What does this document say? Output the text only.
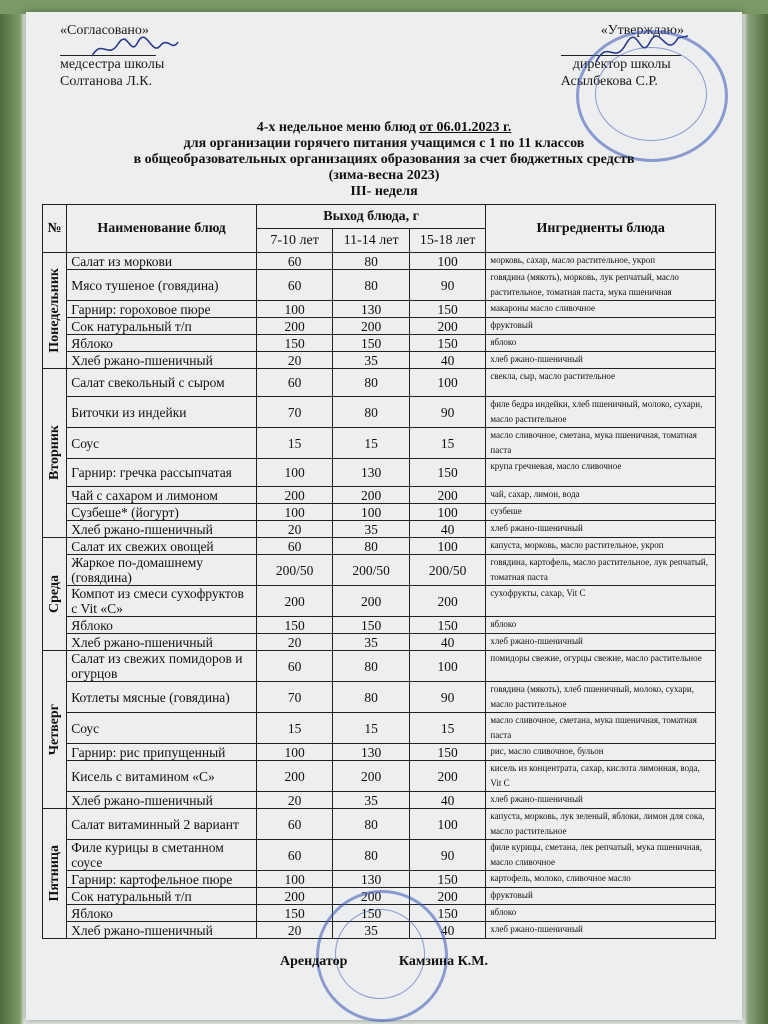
«Согласовано»
медсестра школы
Солтанова Л.К.
«Утверждаю»
директор школы
Асылбекова С.Р.
4-х недельное меню блюд от 06.01.2023 г.
для организации горячего питания учащимся с 1 по 11 классов
в общеобразовательных организациях образования за счет бюджетных средств
(зима-весна 2023)
III- неделя
№	Наименование блюд	Выход блюда, г			Ингредиенты блюда
		7-10 лет	11-14 лет	15-18 лет	

Понедельник	Салат из моркови	60	80	100	морковь, сахар, масло растительное, укроп
	Мясо тушеное (говядина)	60	80	90	говядина (мякоть), морковь, лук репчатый, масло растительное, томатная паста, мука пшеничная
	Гарнир: гороховое пюре	100	130	150	макароны масло сливочное
	Сок натуральный т/п	200	200	200	фруктовый
	Яблоко	150	150	150	яблоко
	Хлеб ржано-пшеничный	20	35	40	хлеб ржано-пшеничный

Вторник	Салат свекольный с сыром	60	80	100	свекла, сыр, масло растительное
	Биточки из индейки	70	80	90	филе бедра индейки, хлеб пшеничный, молоко, сухари, масло растительное
	Соус	15	15	15	масло сливочное, сметана, мука пшеничная, томатная паста
	Гарнир: гречка рассыпчатая	100	130	150	крупа гречневая, масло сливочное
	Чай с сахаром и лимоном	200	200	200	чай, сахар, лимон, вода
	Сузбеше* (йогурт)	100	100	100	сузбеше
	Хлеб ржано-пшеничный	20	35	40	хлеб ржано-пшеничный

Среда	Салат их свежих овощей	60	80	100	капуста, морковь, масло растительное, укроп
	Жаркое по-домашнему (говядина)	200/50	200/50	200/50	говядина, картофель, масло растительное, лук репчатый, томатная паста
	Компот из смеси сухофруктов с Vit «С»	200	200	200	сухофрукты, сахар, Vit C
	Яблоко	150	150	150	яблоко
	Хлеб ржано-пшеничный	20	35	40	хлеб ржано-пшеничный

Четверг	Салат из свежих помидоров и огурцов	60	80	100	помидоры свежие, огурцы свежие, масло растительное
	Котлеты мясные (говядина)	70	80	90	говядина (мякоть), хлеб пшеничный, молоко, сухари, масло растительное
	Соус	15	15	15	масло сливочное, сметана, мука пшеничная, томатная паста
	Гарнир: рис припущенный	100	130	150	рис, масло сливочное, бульон
	Кисель с витамином «С»	200	200	200	кисель из концентрата, сахар, кислота лимонная, вода, Vit C
	Хлеб ржано-пшеничный	20	35	40	хлеб ржано-пшеничный

Пятница	Салат витаминный 2 вариант	60	80	100	капуста, морковь, лук зеленый, яблоки, лимон для сока, масло растительное
	Филе курицы в сметанном соусе	60	80	90	филе курицы, сметана, лек репчатый, мука пшеничная, масло сливочное
	Гарнир: картофельное пюре	100	130	150	картофель, молоко, сливочное масло
	Сок натуральный т/п	200	200	200	фруктовый
	Яблоко	150	150	150	яблоко
	Хлеб ржано-пшеничный	20	35	40	хлеб ржано-пшеничный
Арендатор	Камзина К.М.
